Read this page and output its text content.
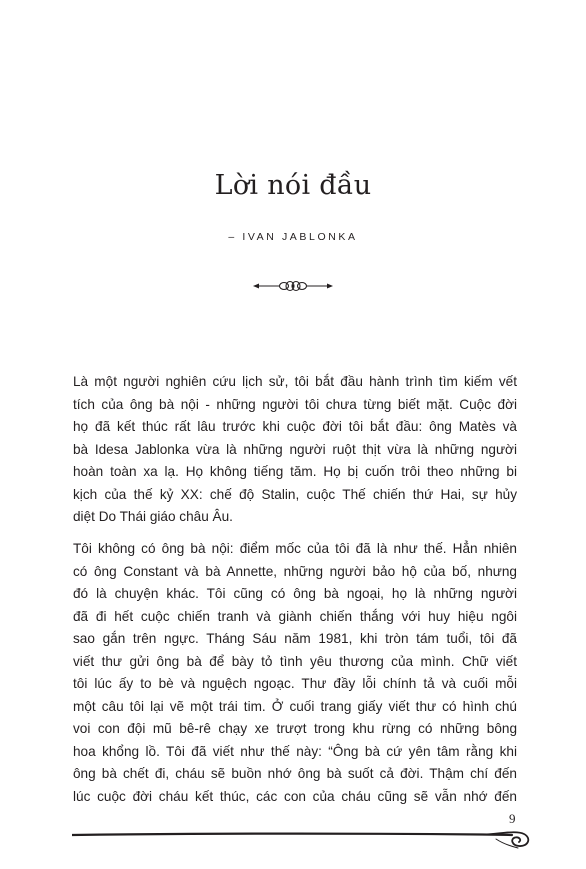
Lời nói đầu
– IVAN JABLONKA
Là một người nghiên cứu lịch sử, tôi bắt đầu hành trình tìm kiếm vết
tích của ông bà nội - những người tôi chưa từng biết mặt. Cuộc đời
họ đã kết thúc rất lâu trước khi cuộc đời tôi bắt đầu: ông Matès và
bà Idesa Jablonka vừa là những người ruột thịt vừa là những người
hoàn toàn xa lạ. Họ không tiếng tăm. Họ bị cuốn trôi theo những bi
kịch của thế kỷ XX: chế độ Stalin, cuộc Thế chiến thứ Hai, sự hủy
diệt Do Thái giáo châu Âu.
Tôi không có ông bà nội: điểm mốc của tôi đã là như thế. Hẳn nhiên
có ông Constant và bà Annette, những người bảo hộ của bố, nhưng
đó là chuyện khác. Tôi cũng có ông bà ngoại, họ là những người
đã đi hết cuộc chiến tranh và giành chiến thắng với huy hiệu ngôi
sao gắn trên ngực. Tháng Sáu năm 1981, khi tròn tám tuổi, tôi đã
viết thư gửi ông bà để bày tỏ tình yêu thương của mình. Chữ viết
tôi lúc ấy to bè và nguệch ngoạc. Thư đầy lỗi chính tả và cuối mỗi
một câu tôi lại vẽ một trái tim. Ở cuối trang giấy viết thư có hình chú
voi con đội mũ bê-rê chạy xe trượt trong khu rừng có những bông
hoa khổng lồ. Tôi đã viết như thế này: “Ông bà cứ yên tâm rằng khi
ông bà chết đi, cháu sẽ buồn nhớ ông bà suốt cả đời. Thậm chí đến
lúc cuộc đời cháu kết thúc, các con của cháu cũng sẽ vẫn nhớ đến
9
